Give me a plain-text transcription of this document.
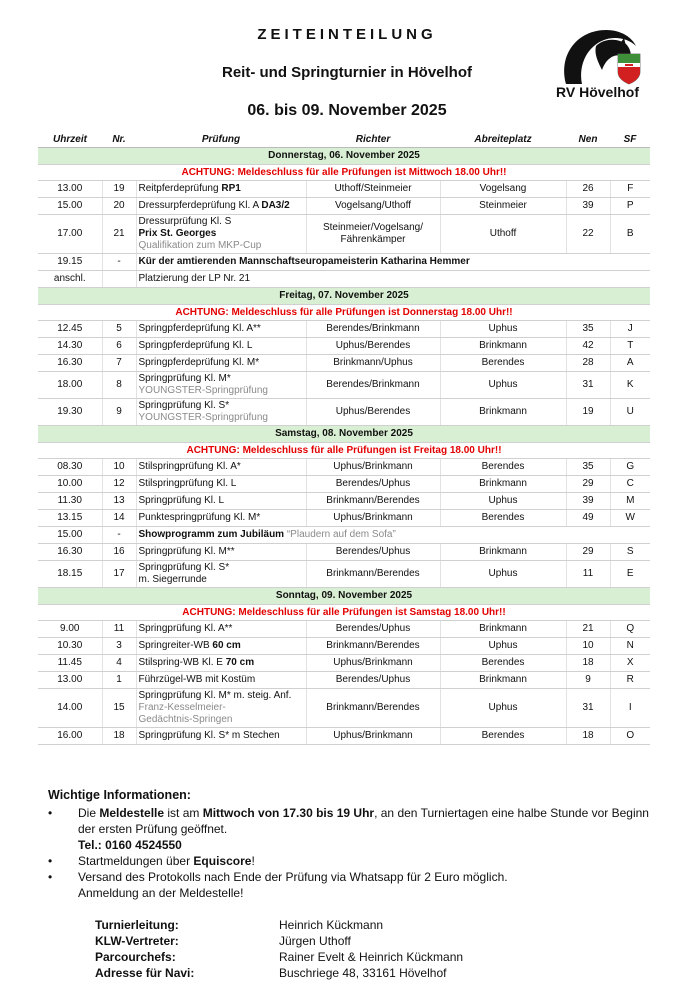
ZEITEINTEILUNG
Reit- und Springturnier in Hövelhof
06. bis 09. November 2025
RV Hövelhof
Uhrzeit	Nr.	Prüfung	Richter	Abreiteplatz	Nen	SF
Donnerstag, 06. November 2025						
ACHTUNG: Meldeschluss für alle Prüfungen ist Mittwoch 18.00 Uhr!!						
13.00	19	Reitpferdeprüfung RP1	Uthoff/Steinmeier	Vogelsang	26	F
15.00	20	Dressurpferdeprüfung Kl. A DA3/2	Vogelsang/Uthoff	Steinmeier	39	P
17.00	21	Dressurprüfung Kl. S
Prix St. Georges
Qualifikation zum MKP-Cup	Steinmeier/Vogelsang/
Fährenkämper	Uthoff	22	B
19.15	-	Kür der amtierenden Mannschaftseuropameisterin Katharina Hemmer				
anschl.		Platzierung der LP Nr. 21				
Freitag, 07. November 2025						
ACHTUNG: Meldeschluss für alle Prüfungen ist Donnerstag 18.00 Uhr!!						
12.45	5	Springpferdeprüfung Kl. A**	Berendes/Brinkmann	Uphus	35	J
14.30	6	Springpferdeprüfung Kl. L	Uphus/Berendes	Brinkmann	42	T
16.30	7	Springpferdeprüfung Kl. M*	Brinkmann/Uphus	Berendes	28	A
18.00	8	Springprüfung Kl. M*
YOUNGSTER-Springprüfung	Berendes/Brinkmann	Uphus	31	K
19.30	9	Springprüfung Kl. S*
YOUNGSTER-Springprüfung	Uphus/Berendes	Brinkmann	19	U
Samstag, 08. November 2025						
ACHTUNG: Meldeschluss für alle Prüfungen ist Freitag 18.00 Uhr!!						
08.30	10	Stilspringprüfung Kl. A*	Uphus/Brinkmann	Berendes	35	G
10.00	12	Stilspringprüfung Kl. L	Berendes/Uphus	Brinkmann	29	C
11.30	13	Springprüfung Kl. L	Brinkmann/Berendes	Uphus	39	M
13.15	14	Punktespringprüfung Kl. M*	Uphus/Brinkmann	Berendes	49	W
15.00	-	Showprogramm zum Jubiläum “Plaudern auf dem Sofa”				
16.30	16	Springprüfung Kl. M**	Berendes/Uphus	Brinkmann	29	S
18.15	17	Springprüfung Kl. S*
m. Siegerrunde	Brinkmann/Berendes	Uphus	11	E
Sonntag, 09. November 2025						
ACHTUNG: Meldeschluss für alle Prüfungen ist Samstag 18.00 Uhr!!						
9.00	11	Springprüfung Kl. A**	Berendes/Uphus	Brinkmann	21	Q
10.30	3	Springreiter-WB 60 cm	Brinkmann/Berendes	Uphus	10	N
11.45	4	Stilspring-WB Kl. E 70 cm	Uphus/Brinkmann	Berendes	18	X
13.00	1	Führzügel-WB mit Kostüm	Berendes/Uphus	Brinkmann	9	R
14.00	15	Springprüfung Kl. M* m. steig. Anf.
Franz-Kesselmeier-
Gedächtnis-Springen	Brinkmann/Berendes	Uphus	31	I
16.00	18	Springprüfung Kl. S* m Stechen	Uphus/Brinkmann	Berendes	18	O
Wichtige Informationen:
• Die Meldestelle ist am Mittwoch von 17.30 bis 19 Uhr, an den Turniertagen eine halbe Stunde vor Beginn der ersten Prüfung geöffnet.
Tel.: 0160 4524550
• Startmeldungen über Equiscore!
• Versand des Protokolls nach Ende der Prüfung via Whatsapp für 2 Euro möglich.
Anmeldung an der Meldestelle!
Turnierleitung:	Heinrich Kückmann
KLW-Vertreter:	Jürgen Uthoff
Parcourchefs:	Rainer Evelt & Heinrich Kückmann
Adresse für Navi:	Buschriege 48, 33161 Hövelhof
